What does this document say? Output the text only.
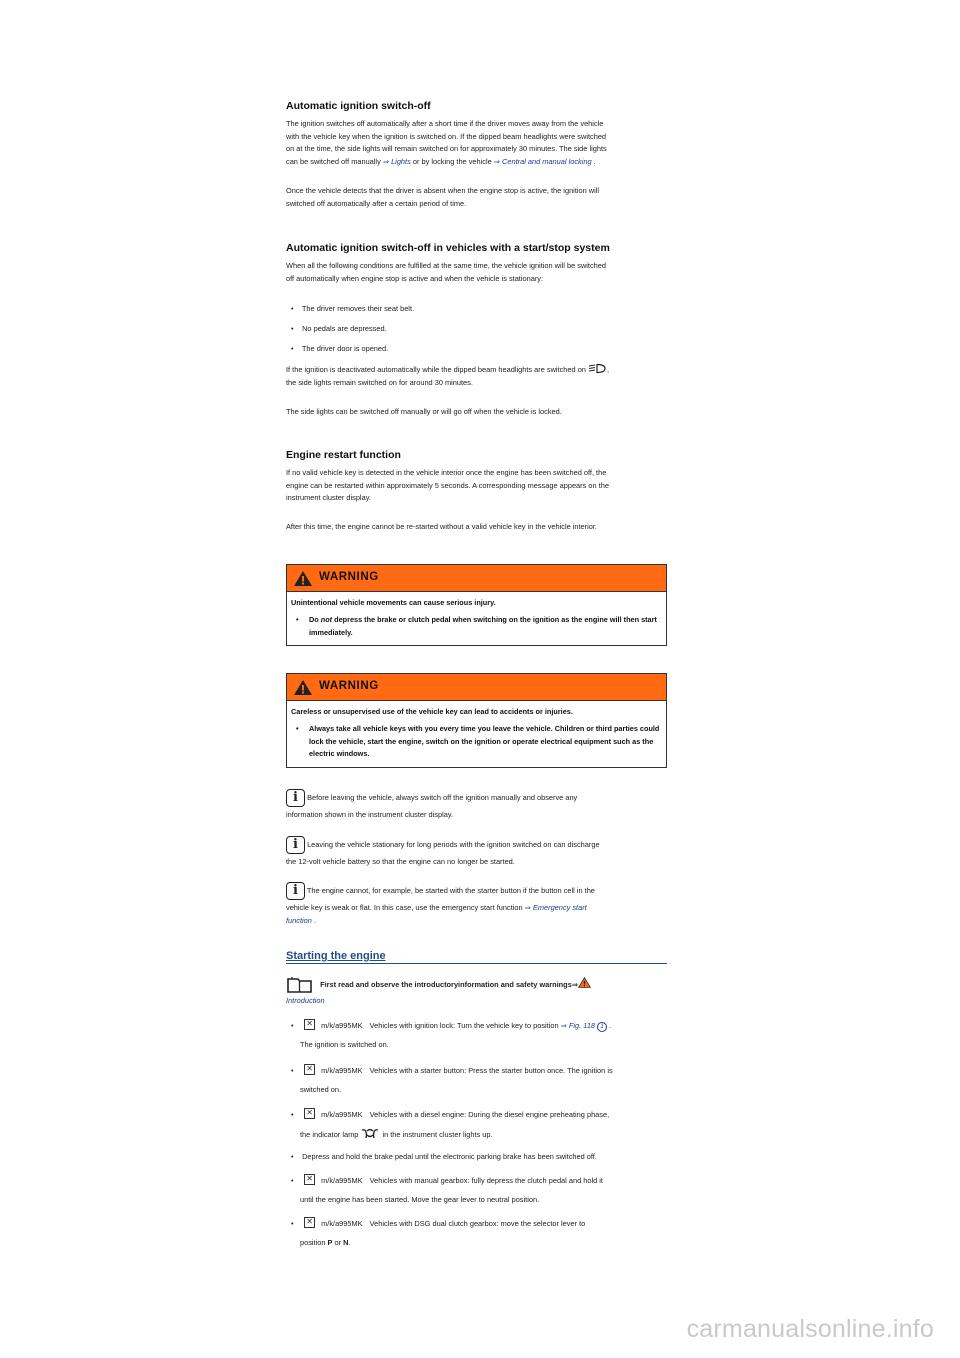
Automatic ignition switch-off
The ignition switches off automatically after a short time if the driver moves away from the vehicle
with the vehicle key when the ignition is switched on. If the dipped beam headlights were switched
on at the time, the side lights will remain switched on for approximately 30 minutes. The side lights
can be switched off manually ⇒ Lights or by locking the vehicle ⇒ Central and manual locking .
Once the vehicle detects that the driver is absent when the engine stop is active, the ignition will
switched off automatically after a certain period of time.
Automatic ignition switch-off in vehicles with a start/stop system
When all the following conditions are fulfilled at the same time, the vehicle ignition will be switched
off automatically when engine stop is active and when the vehicle is stationary:
• The driver removes their seat belt.
• No pedals are depressed.
• The driver door is opened.
If the ignition is deactivated automatically while the dipped beam headlights are switched on	,
the side lights remain switched on for around 30 minutes.
The side lights can be switched off manually or will go off when the vehicle is locked.
Engine restart function
If no valid vehicle key is detected in the vehicle interior once the engine has been switched off, the
engine can be restarted within approximately 5 seconds. A corresponding message appears on the
instrument cluster display.
After this time, the engine cannot be re-started without a valid vehicle key in the vehicle interior.
WARNING
Unintentional vehicle movements can cause serious injury.
•	Do not depress the brake or clutch pedal when switching on the ignition as the engine will then start immediately.
WARNING
Careless or unsupervised use of the vehicle key can lead to accidents or injuries.
•	Always take all vehicle keys with you every time you leave the vehicle. Children or third parties could lock the vehicle, start the engine, switch on the ignition or operate electrical equipment such as the electric windows.
i Before leaving the vehicle, always switch off the ignition manually and observe any
information shown in the instrument cluster display.
i Leaving the vehicle stationary for long periods with the ignition switched on can discharge
the 12-volt vehicle battery so that the engine can no longer be started.
i The engine cannot, for example, be started with the starter button if the button cell in the
vehicle key is weak or flat. In this case, use the emergency start function ⇒ Emergency start
function .
Starting the engine
First read and observe the introductoryinformation and safety warnings⇒
Introduction
• ✕	m/k/a995MK Vehicles with ignition lock: Turn the vehicle key to position ⇒ Fig. 118 1 .
The ignition is switched on.
• ✕	m/k/a995MK Vehicles with a starter button: Press the starter button once. The ignition is
switched on.
• ✕	m/k/a995MK Vehicles with a diesel engine: During the diesel engine preheating phase,
the indicator lamp	in the instrument cluster lights up.
• Depress and hold the brake pedal until the electronic parking brake has been switched off.
• ✕	m/k/a995MK Vehicles with manual gearbox: fully depress the clutch pedal and hold it
until the engine has been started. Move the gear lever to neutral position.
• ✕	m/k/a995MK Vehicles with DSG dual clutch gearbox: move the selector lever to
position P or N.
carmanualsonline.info
